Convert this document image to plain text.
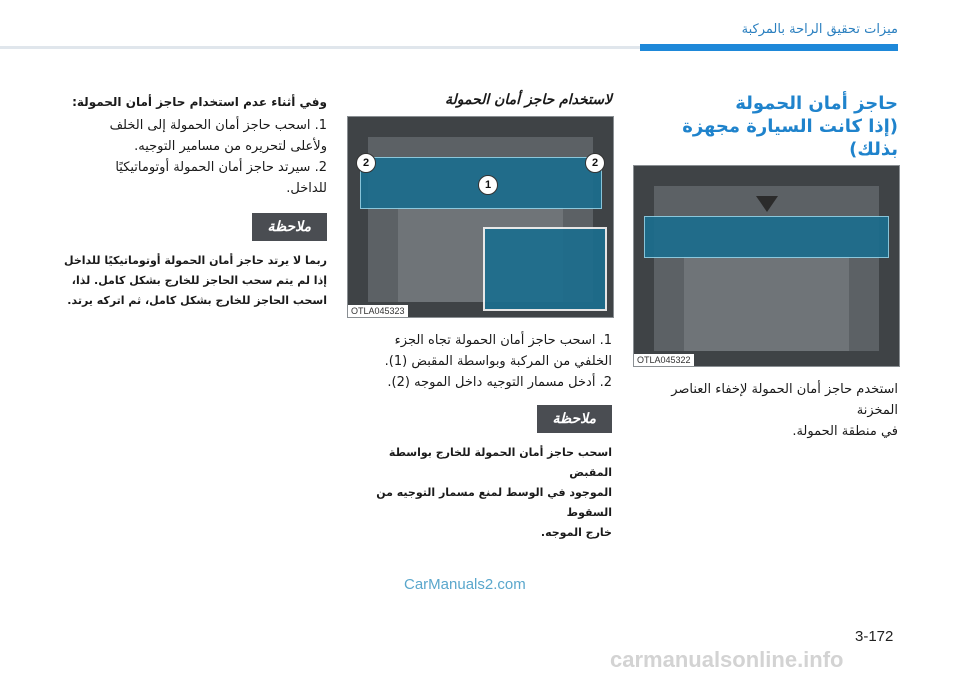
ميزات تحقيق الراحة بالمركبة
حاجز أمان الحمولة
(إذا كانت السيارة مجهزة بذلك)
OTLA045322
استخدم حاجز أمان الحمولة لإخفاء العناصر المخزنة
في منطقة الحمولة.
لاستخدام حاجز أمان الحمولة
1
2	2
OTLA045323
1. اسحب حاجز أمان الحمولة تجاه الجزء
الخلفي من المركبة وبواسطة المقبض (1).
2. أدخل مسمار التوجيه داخل الموجه (2).
ملاحظة
اسحب حاجز أمان الحمولة للخارج بواسطة المقبض
الموجود في الوسط لمنع مسمار التوجيه من السقوط
خارج الموجه.
وفي أثناء عدم استخدام حاجز أمان الحمولة:
1. اسحب حاجز أمان الحمولة إلى الخلف
ولأعلى لتحريره من مسامير التوجيه.
2. سيرتد حاجز أمان الحمولة أوتوماتيكيًا
للداخل.
ملاحظة
ربما لا يرتد حاجز أمان الحمولة أوتوماتيكيًا للداخل
إذا لم يتم سحب الحاجز للخارج بشكل كامل. لذا،
اسحب الحاجز للخارج بشكل كامل، ثم اتركه يرتد.
CarManuals2.com
3-172
carmanualsonline.info
